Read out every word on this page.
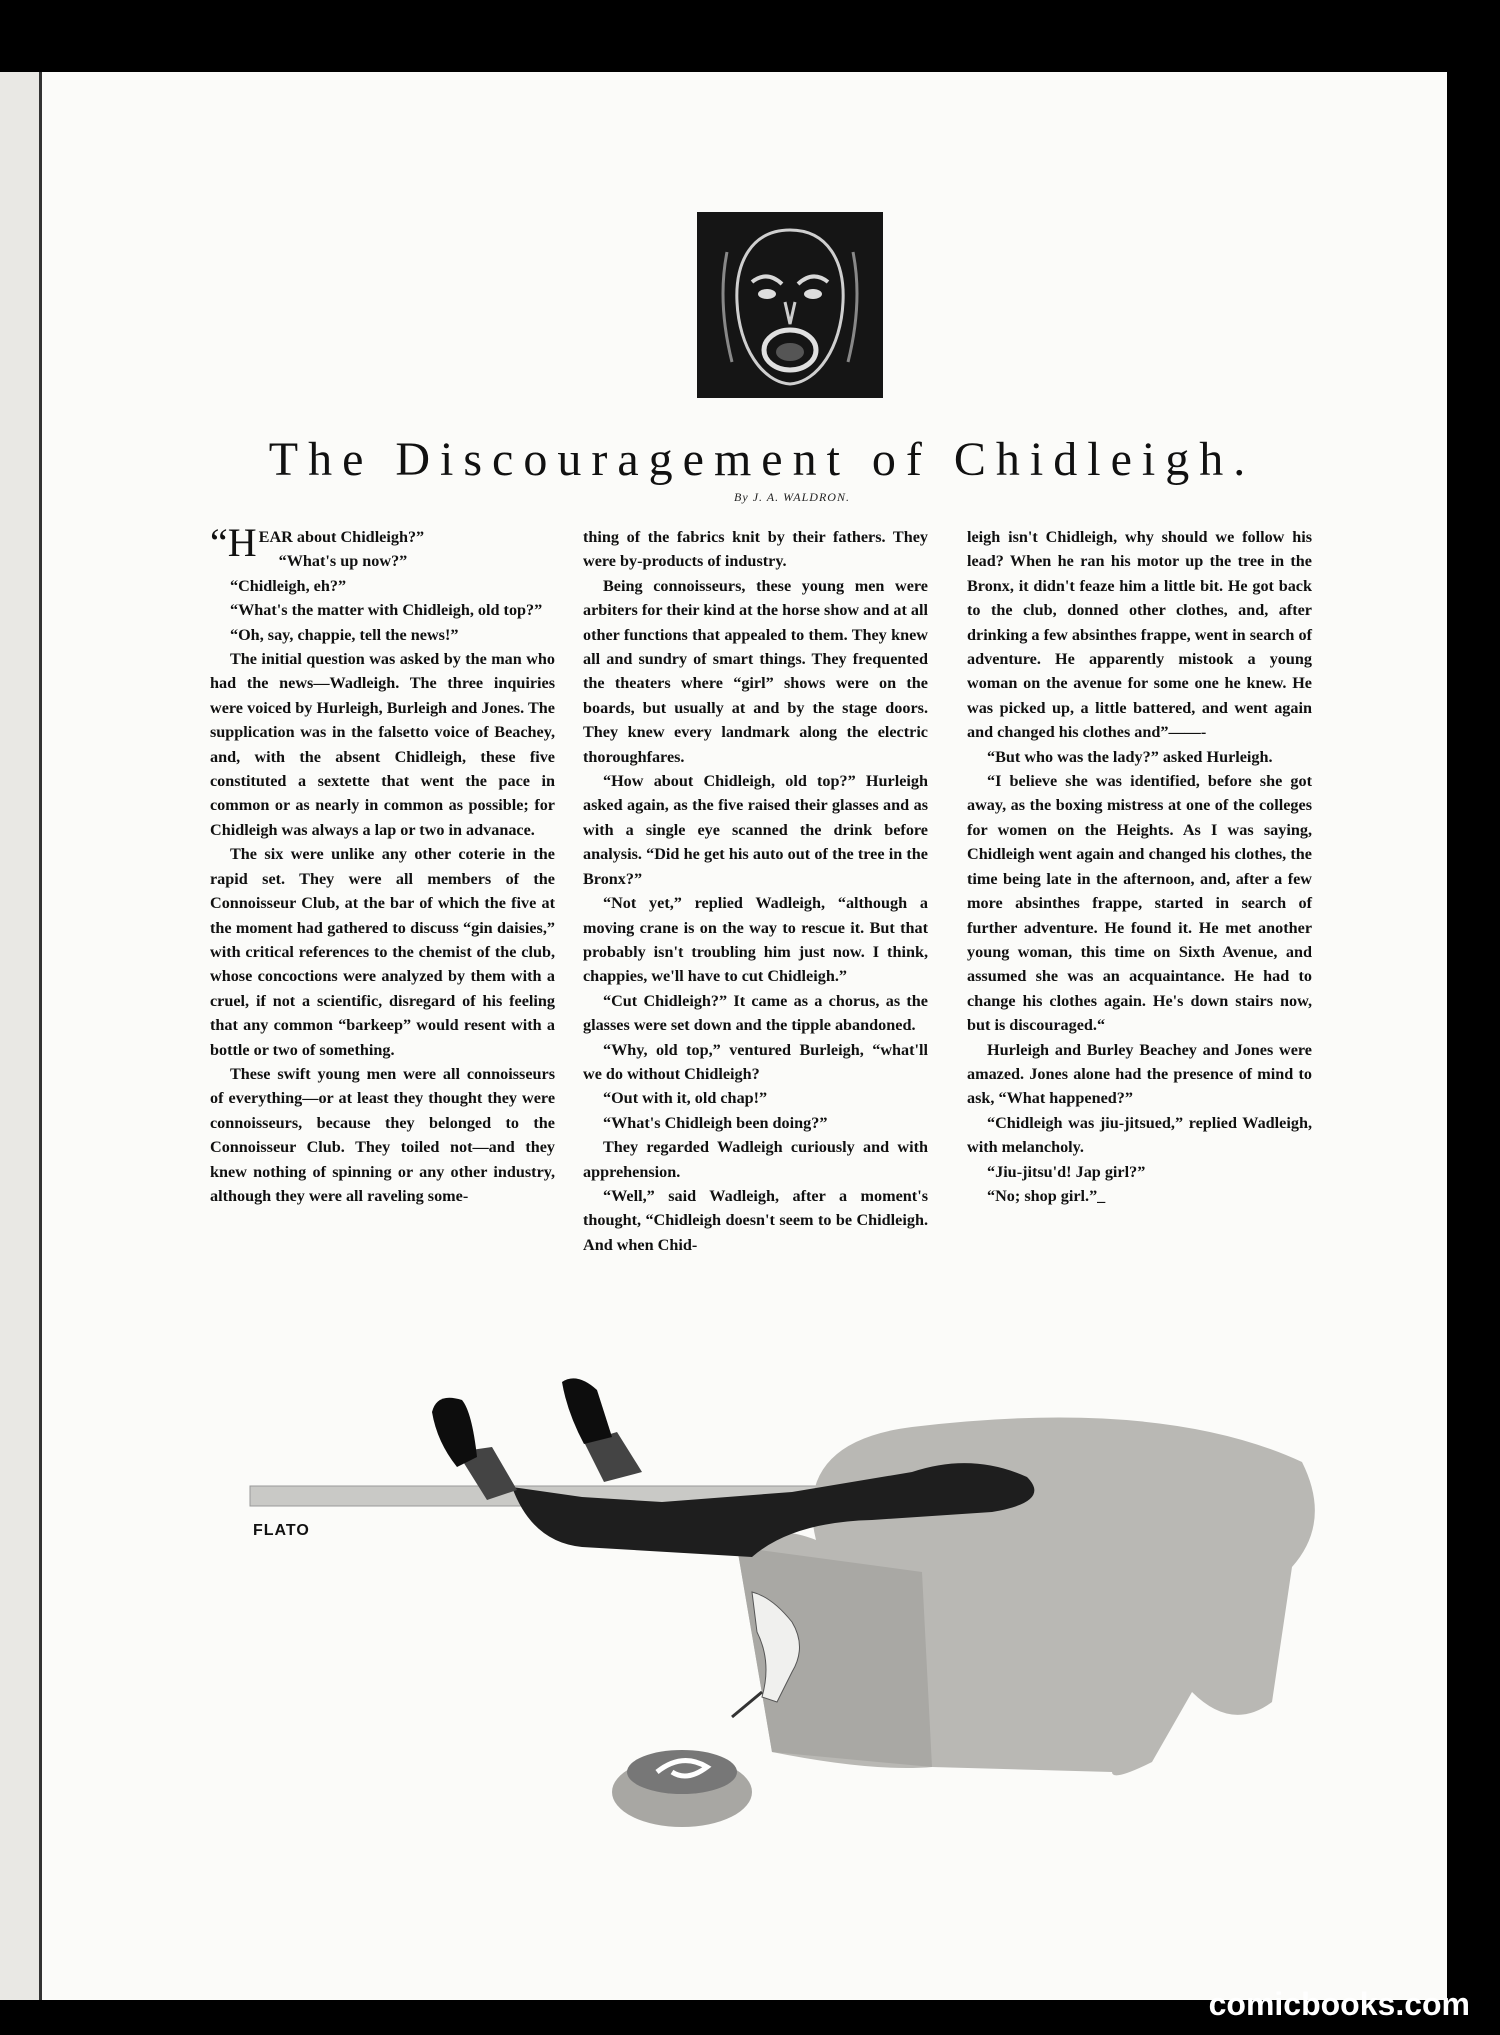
The Discouragement of Chidleigh.
By J. A. WALDRON.

“HEAR about Chidleigh?”

“What's up now?”

“Chidleigh, eh?”

“What's the matter with Chidleigh, old top?”

“Oh, say, chappie, tell the news!”

The initial question was asked by the man who had the news—Wadleigh. The three inquiries were voiced by Hurleigh, Burleigh and Jones. The supplication was in the falsetto voice of Beachey, and, with the absent Chidleigh, these five constituted a sextette that went the pace in common or as nearly in common as possible; for Chidleigh was always a lap or two in advanace.

The six were unlike any other coterie in the rapid set. They were all members of the Connoisseur Club, at the bar of which the five at the moment had gathered to discuss “gin daisies,” with critical references to the chemist of the club, whose concoctions were analyzed by them with a cruel, if not a scientific, disregard of his feeling that any common “barkeep” would resent with a bottle or two of something.

These swift young men were all connoisseurs of everything—or at least they thought they were connoisseurs, because they belonged to the Connoisseur Club. They toiled not—and they knew nothing of spinning or any other industry, although they were all raveling some-

thing of the fabrics knit by their fathers. They were by-products of industry.

Being connoisseurs, these young men were arbiters for their kind at the horse show and at all other functions that appealed to them. They knew all and sundry of smart things. They frequented the theaters where “girl” shows were on the boards, but usually at and by the stage doors. They knew every landmark along the electric thoroughfares.

“How about Chidleigh, old top?” Hurleigh asked again, as the five raised their glasses and as with a single eye scanned the drink before analysis. “Did he get his auto out of the tree in the Bronx?”

“Not yet,” replied Wadleigh, “although a moving crane is on the way to rescue it. But that probably isn't troubling him just now. I think, chappies, we'll have to cut Chidleigh.”

“Cut Chidleigh?” It came as a chorus, as the glasses were set down and the tipple abandoned.

“Why, old top,” ventured Burleigh, “what'll we do without Chidleigh?

“Out with it, old chap!”

“What's Chidleigh been doing?”

They regarded Wadleigh curiously and with apprehension.

“Well,” said Wadleigh, after a moment's thought, “Chidleigh doesn't seem to be Chidleigh. And when Chid-

leigh isn't Chidleigh, why should we follow his lead? When he ran his motor up the tree in the Bronx, it didn't feaze him a little bit. He got back to the club, donned other clothes, and, after drinking a few absinthes frappe, went in search of adventure. He apparently mistook a young woman on the avenue for some one he knew. He was picked up, a little battered, and went again and changed his clothes and”——-

“But who was the lady?” asked Hurleigh.

“I believe she was identified, before she got away, as the boxing mistress at one of the colleges for women on the Heights. As I was saying, Chidleigh went again and changed his clothes, the time being late in the afternoon, and, after a few more absinthes frappe, started in search of further adventure. He found it. He met another young woman, this time on Sixth Avenue, and assumed she was an acquaintance. He had to change his clothes again. He's down stairs now, but is discouraged.“

Hurleigh and Burley Beachey and Jones were amazed. Jones alone had the presence of mind to ask, “What happened?”

“Chidleigh was jiu-jitsued,” replied Wadleigh, with melancholy.

“Jiu-jitsu'd! Jap girl?”

“No; shop girl.”_

FLATO
comicbooks.com
